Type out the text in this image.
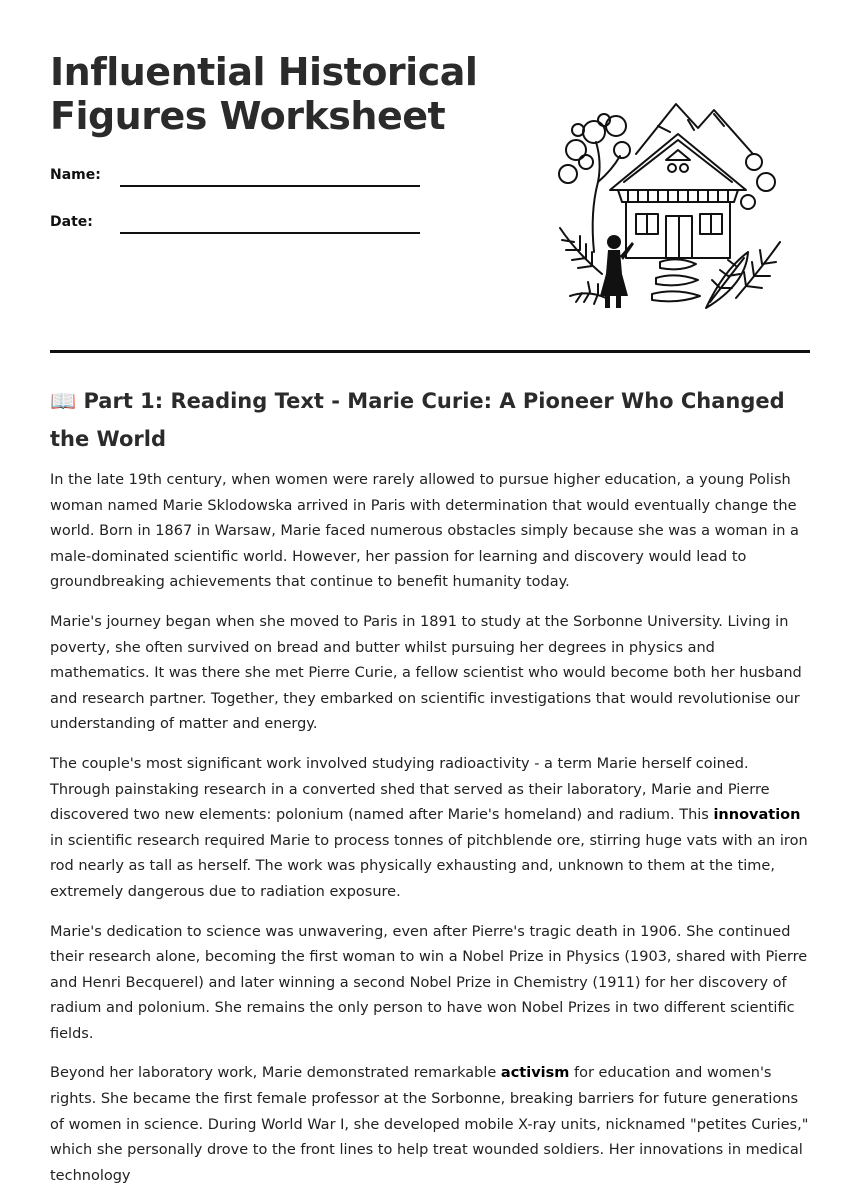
Influential Historical Figures Worksheet
Name:
Date:
📖 Part 1: Reading Text - Marie Curie: A Pioneer Who Changed the World

In the late 19th century, when women were rarely allowed to pursue higher education, a young Polish woman named Marie Sklodowska arrived in Paris with determination that would eventually change the world. Born in 1867 in Warsaw, Marie faced numerous obstacles simply because she was a woman in a male-dominated scientific world. However, her passion for learning and discovery would lead to groundbreaking achievements that continue to benefit humanity today.

Marie's journey began when she moved to Paris in 1891 to study at the Sorbonne University. Living in poverty, she often survived on bread and butter whilst pursuing her degrees in physics and mathematics. It was there she met Pierre Curie, a fellow scientist who would become both her husband and research partner. Together, they embarked on scientific investigations that would revolutionise our understanding of matter and energy.

The couple's most significant work involved studying radioactivity - a term Marie herself coined. Through painstaking research in a converted shed that served as their laboratory, Marie and Pierre discovered two new elements: polonium (named after Marie's homeland) and radium. This innovation in scientific research required Marie to process tonnes of pitchblende ore, stirring huge vats with an iron rod nearly as tall as herself. The work was physically exhausting and, unknown to them at the time, extremely dangerous due to radiation exposure.

Marie's dedication to science was unwavering, even after Pierre's tragic death in 1906. She continued their research alone, becoming the first woman to win a Nobel Prize in Physics (1903, shared with Pierre and Henri Becquerel) and later winning a second Nobel Prize in Chemistry (1911) for her discovery of radium and polonium. She remains the only person to have won Nobel Prizes in two different scientific fields.

Beyond her laboratory work, Marie demonstrated remarkable activism for education and women's rights. She became the first female professor at the Sorbonne, breaking barriers for future generations of women in science. During World War I, she developed mobile X-ray units, nicknamed "petites Curies," which she personally drove to the front lines to help treat wounded soldiers. Her innovations in medical technology
